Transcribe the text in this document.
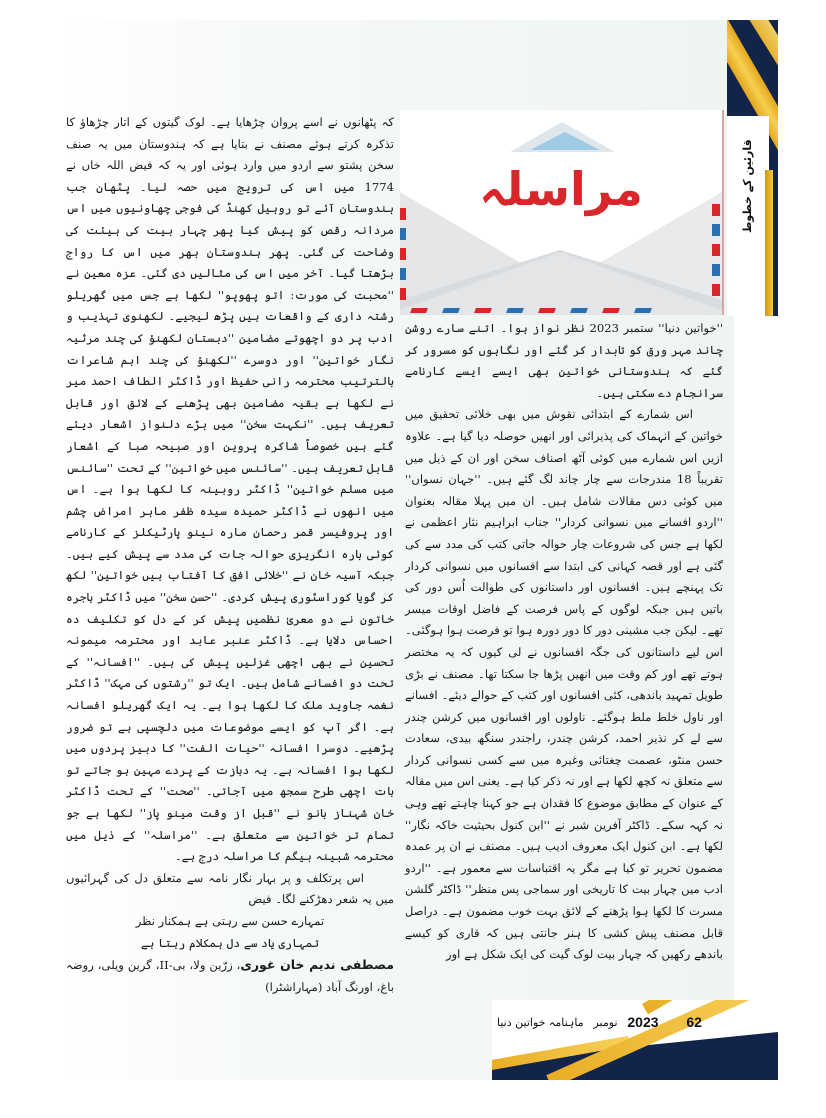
قارئین کے خطوط
مراسلہ

کہ پٹھانوں نے اسے پروان چڑھایا ہے۔ لوک گیتوں کے اتار چڑھاؤ کا تذکرہ کرتے ہوئے مصنف نے بتایا ہے کہ ہندوستان میں یہ صنف سخن پشتو سے اردو میں وارد ہوئی اور یہ کہ فیض اللہ خاں نے 1774 میں اس کی ترویج میں حصہ لیا۔ پٹھان جب ہندوستان آئے تو روہیل کھنڈ کی فوجی چھاونیوں میں اس مردانہ رقص کو پیش کیا پھر چہار بیت کی ہیئت کی وضاحت کی گئی۔ پھر ہندوستان بھر میں اس کا رواج بڑھتا گیا۔ آخر میں اس کی مثالیں دی گئی۔ عزہ معین نے ''محبت کی مورت: اتو پھوپو'' لکھا ہے جس میں گھریلو رشتہ داری کے واقعات ہیں پڑھ لیجیے۔ لکھنوی تہذیب و ادب پر دو اچھوتے مضامین ''دبستان لکھنؤ کی چند مرثیہ نگار خواتین'' اور دوسرے ''لکھنؤ کی چند اہم شاعرات بالترتیب محترمہ رانی حفیظ اور ڈاکٹر الطاف احمد میر نے لکھا ہے بقیہ مضامین بھی پڑھنے کے لائق اور قابل تعریف ہیں۔ ''نکہت سخن'' میں بڑے دلنواز اشعار دیئے گئے ہیں خصوصاً شاکرہ پروین اور صبیحہ صبا کے اشعار قابل تعریف ہیں۔ ''سائنس میں خواتین'' کے تحت ''سائنس میں مسلم خواتین'' ڈاکٹر روبینہ کا لکھا ہوا ہے۔ اس میں انھوں نے ڈاکٹر حمیدہ سیدہ ظفر ماہر امراض چشم اور پروفیسر قمر رحمان مارہ نینو پارٹیکلز کے کارنامے کوئی بارہ انگریزی حوالہ جات کی مدد سے پیش کیے ہیں۔ جبکہ آسیہ خان نے ''خلائی افق کا آفتاب ہیں خواتین'' لکھ کر گویا کوراسٹوری پیش کردی۔ ''حسن سخن'' میں ڈاکٹر ہاجرہ خاتون نے دو معریٰ نظمیں پیش کر کے دل کو تکلیف دہ احساس دلایا ہے۔ ڈاکٹر عنبر عابد اور محترمہ میمونہ تحسین نے بھی اچھی غزلیں پیش کی ہیں۔ ''افسانہ'' کے تحت دو افسانے شامل ہیں۔ ایک تو ''رشتوں کی مہک'' ڈاکٹر نغمہ جاوید ملک کا لکھا ہوا ہے۔ یہ ایک گھریلو افسانہ ہے۔ اگر آپ کو ایسے موضوعات میں دلچسپی ہے تو ضرور پڑھیے۔ دوسرا افسانہ ''حیات الفت'' کا دبیز پردوں میں لکھا ہوا افسانہ ہے۔ یہ دبازت کے پردے مہین ہو جاتے تو بات اچھی طرح سمجھ میں آجاتی۔ ''صحت'' کے تحت ڈاکٹر خان شہناز بانو نے ''قبل از وقت مینو پاز'' لکھا ہے جو تمام تر خواتین سے متعلق ہے۔ ''مراسلہ'' کے ذیل میں محترمہ شبینہ بیگم کا مراسلہ درج ہے۔

اس پرتکلف و پر بہار نگار نامہ سے متعلق دل کی گہرائیوں میں یہ شعر دھڑکنے لگا۔ فیض

تمہارے حسن سے رہتی ہے ہمکنار نظر

تمہاری یاد سے دل ہمکلام رہتا ہے

مصطفی ندیم خان غوری، زرّین ولا، بی-II، گرین ویلی، روضہ باغ، اورنگ آباد (مہاراشٹرا)

''خواتین دنیا'' ستمبر 2023 نظر نواز ہوا۔ اتنے سارے روشن چاند مہر ورق کو تابدار کر گئے اور نگاہوں کو مسرور کر گئے کہ ہندوستانی خواتین بھی ایسے ایسے کارنامے سرانجام دے سکتی ہیں۔

اس شمارے کے ابتدائی نقوش میں بھی خلائی تحقیق میں خواتین کے انہماک کی پذیرائی اور انھیں حوصلہ دیا گیا ہے۔ علاوہ ازیں اس شمارے میں کوئی آٹھ اصناف سخن اور ان کے ذیل میں تقریباً 18 مندرجات سے چار چاند لگ گئے ہیں۔ ''جہان نسواں'' میں کوئی دس مقالات شامل ہیں۔ ان میں پہلا مقالہ بعنوان ''اردو افسانے میں نسوانی کردار'' جناب ابراہیم نثار اعظمی نے لکھا ہے جس کی شروعات چار حوالہ جاتی کتب کی مدد سے کی گئی ہے اور قصہ کہانی کی ابتدا سے افسانوں میں نسوانی کردار تک پہنچے ہیں۔ افسانوں اور داستانوں کی طوالت اُس دور کی باتیں ہیں جبکہ لوگوں کے پاس فرصت کے فاضل اوقات میسر تھے۔ لیکن جب مشینی دور کا دور دورہ ہوا تو فرصت ہوا ہوگئی۔ اس لیے داستانوں کی جگہ افسانوں نے لی کیوں کہ یہ مختصر ہوتے تھے اور کم وقت میں انھیں پڑھا جا سکتا تھا۔ مصنف نے بڑی طویل تمہید باندھی، کئی افسانوں اور کتب کے حوالے دیئے۔ افسانے اور ناول خلط ملط ہوگئے۔ ناولوں اور افسانوں میں کرشن چندر سے لے کر نذیر احمد، کرشن چندر، راجندر سنگھ بیدی، سعادت حسن منٹو، عصمت چغتائی وغیرہ میں سے کسی نسوانی کردار سے متعلق نہ کچھ لکھا ہے اور نہ ذکر کیا ہے۔ یعنی اس میں مقالہ کے عنوان کے مطابق موضوع کا فقدان ہے جو کہنا چاہتے تھے وہی نہ کہہ سکے۔ ڈاکٹر آفرین شبر نے ''ابن کنول بحیثیت خاکہ نگار'' لکھا ہے۔ ابن کنول ایک معروف ادیب ہیں۔ مصنف نے ان پر عمدہ مضمون تحریر تو کیا ہے مگر یہ اقتباسات سے معمور ہے۔ ''اردو ادب میں چہار بیت کا تاریخی اور سماجی پس منظر'' ڈاکٹر گلشن مسرت کا لکھا ہوا پڑھنے کے لائق بہت خوب مضمون ہے۔ دراصل قابل مصنف پیش کشی کا ہنر جانتی ہیں کہ قاری کو کیسے باندھے رکھیں کہ چہار بیت لوک گیت کی ایک شکل ہے اور

ماہنامہ خواتین دنیا نومبر 2023 62
